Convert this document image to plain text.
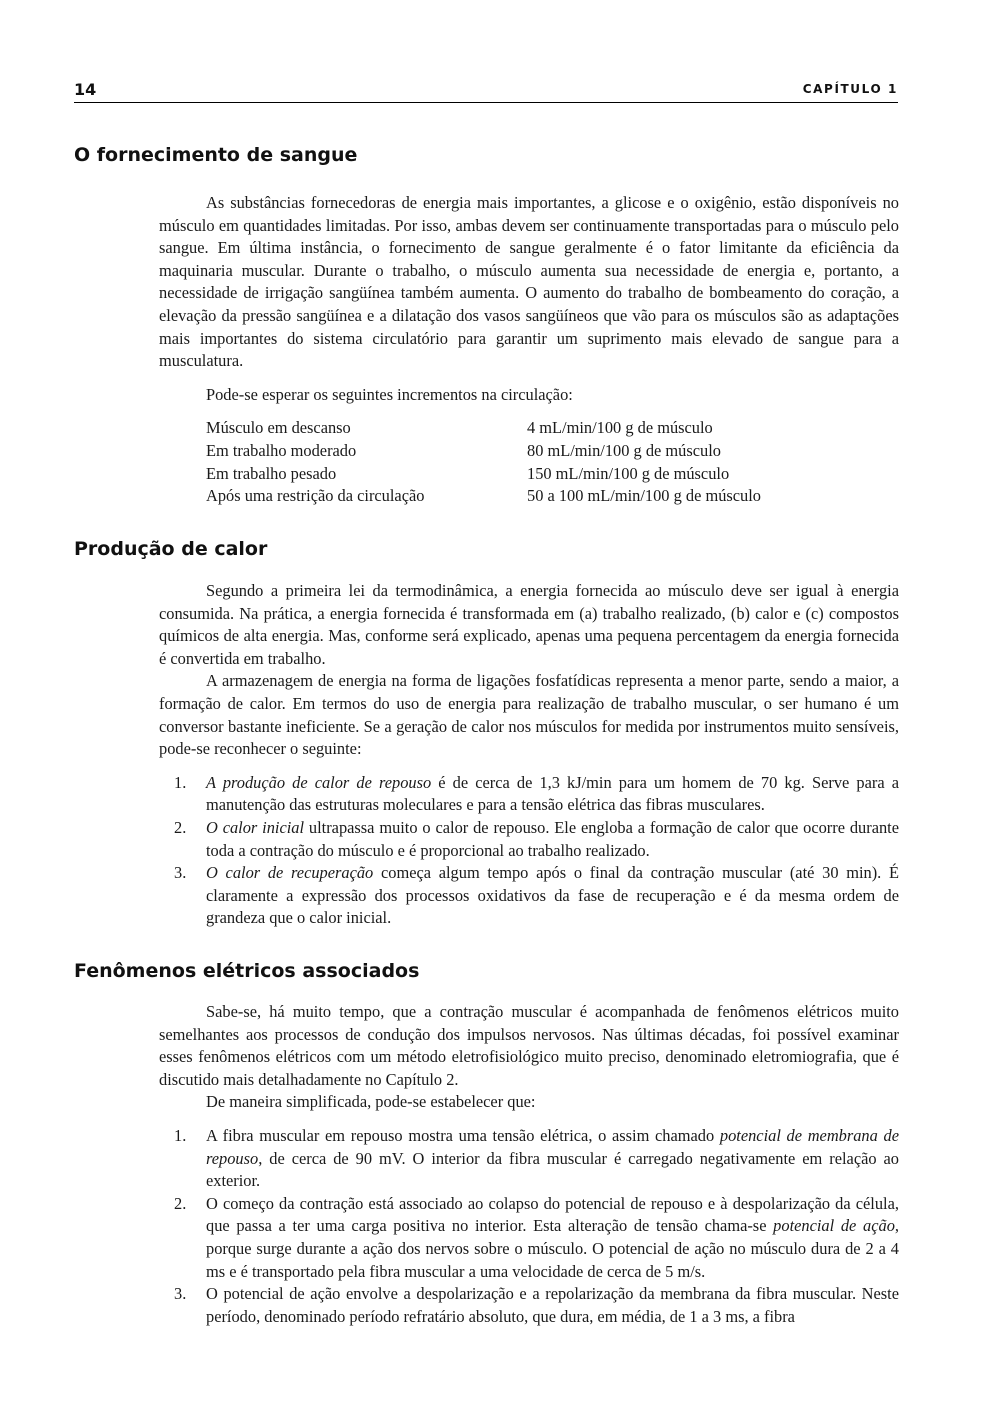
14	CAPÍTULO 1
O fornecimento de sangue

As substâncias fornecedoras de energia mais importantes, a glicose e o oxigênio, estão disponíveis no músculo em quantidades limitadas. Por isso, ambas devem ser continuamente transportadas para o músculo pelo sangue. Em última instância, o fornecimento de sangue geralmente é o fator limitante da eficiência da maquinaria muscular. Durante o trabalho, o músculo aumenta sua necessidade de energia e, portanto, a necessidade de irrigação sangüínea também aumenta. O aumento do trabalho de bombeamento do coração, a elevação da pressão sangüínea e a dilatação dos vasos sangüíneos que vão para os músculos são as adaptações mais importantes do sistema circulatório para garantir um suprimento mais elevado de sangue para a musculatura.

Pode-se esperar os seguintes incrementos na circulação:

Músculo em descanso	4 mL/min/100 g de músculo
Em trabalho moderado	80 mL/min/100 g de músculo
Em trabalho pesado	150 mL/min/100 g de músculo
Após uma restrição da circulação	50 a 100 mL/min/100 g de músculo
Produção de calor

Segundo a primeira lei da termodinâmica, a energia fornecida ao músculo deve ser igual à energia consumida. Na prática, a energia fornecida é transformada em (a) trabalho realizado, (b) calor e (c) compostos químicos de alta energia. Mas, conforme será explicado, apenas uma pequena percentagem da energia fornecida é convertida em trabalho.

A armazenagem de energia na forma de ligações fosfatídicas representa a menor parte, sendo a maior, a formação de calor. Em termos do uso de energia para realização de trabalho muscular, o ser humano é um conversor bastante ineficiente. Se a geração de calor nos músculos for medida por instrumentos muito sensíveis, pode-se reconhecer o seguinte:

1. A produção de calor de repouso é de cerca de 1,3 kJ/min para um homem de 70 kg. Serve para a manutenção das estruturas moleculares e para a tensão elétrica das fibras musculares.
2. O calor inicial ultrapassa muito o calor de repouso. Ele engloba a formação de calor que ocorre durante toda a contração do músculo e é proporcional ao trabalho realizado.
3. O calor de recuperação começa algum tempo após o final da contração muscular (até 30 min). É claramente a expressão dos processos oxidativos da fase de recuperação e é da mesma ordem de grandeza que o calor inicial.
Fenômenos elétricos associados

Sabe-se, há muito tempo, que a contração muscular é acompanhada de fenômenos elétricos muito semelhantes aos processos de condução dos impulsos nervosos. Nas últimas décadas, foi possível examinar esses fenômenos elétricos com um método eletrofisiológico muito preciso, denominado eletromiografia, que é discutido mais detalhadamente no Capítulo 2.

De maneira simplificada, pode-se estabelecer que:

1. A fibra muscular em repouso mostra uma tensão elétrica, o assim chamado potencial de membrana de repouso, de cerca de 90 mV. O interior da fibra muscular é carregado negativamente em relação ao exterior.
2. O começo da contração está associado ao colapso do potencial de repouso e à despolarização da célula, que passa a ter uma carga positiva no interior. Esta alteração de tensão chama-se potencial de ação, porque surge durante a ação dos nervos sobre o músculo. O potencial de ação no músculo dura de 2 a 4 ms e é transportado pela fibra muscular a uma velocidade de cerca de 5 m/s.
3. O potencial de ação envolve a despolarização e a repolarização da membrana da fibra muscular. Neste período, denominado período refratário absoluto, que dura, em média, de 1 a 3 ms, a fibra
